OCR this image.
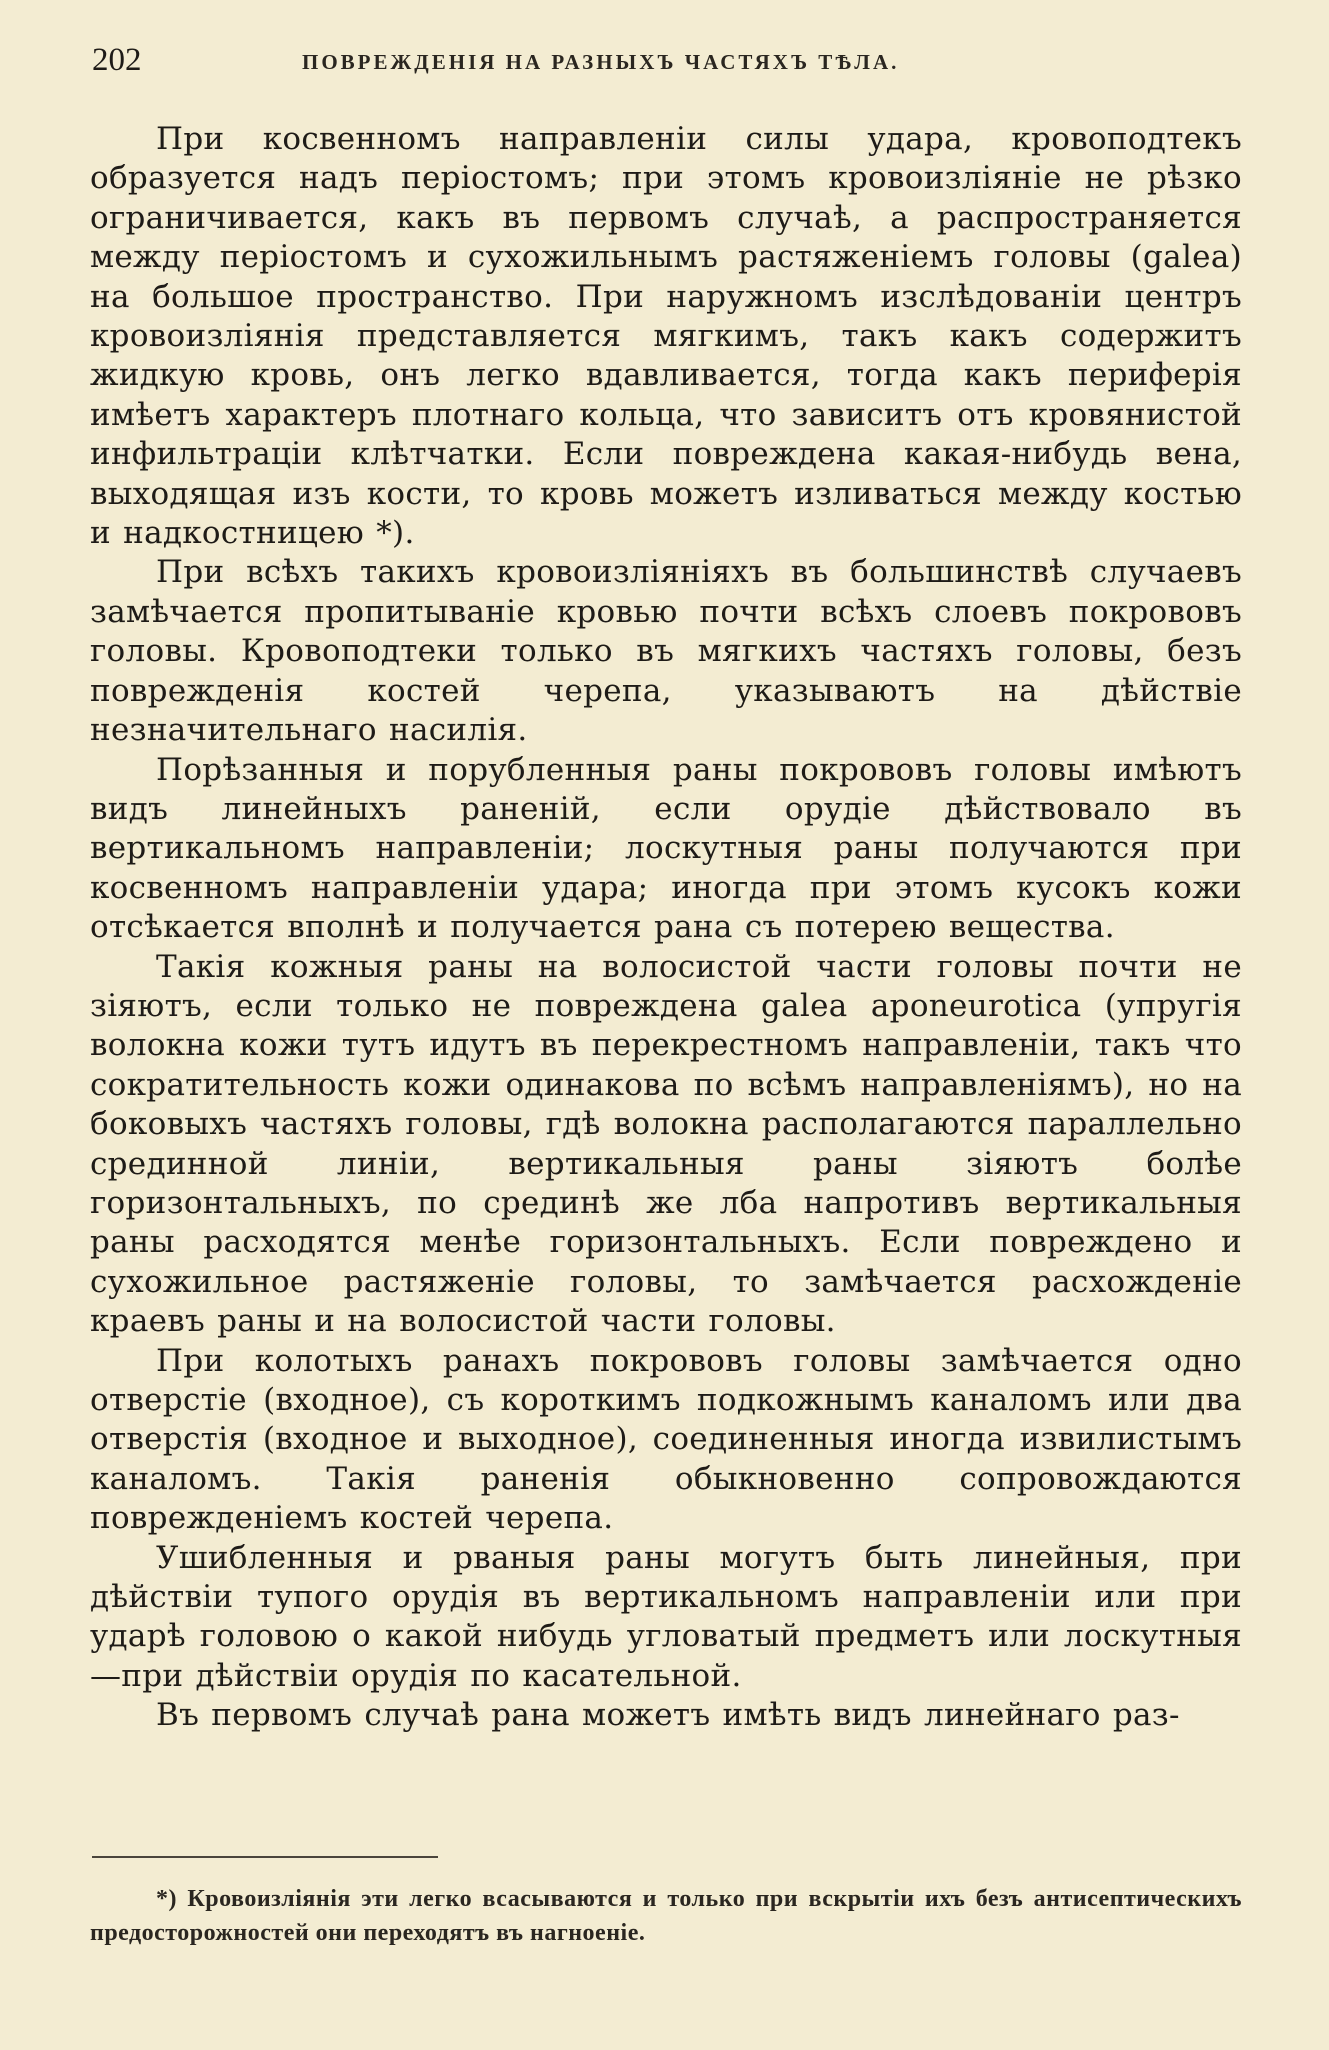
202	ПОВРЕЖДЕНІЯ НА РАЗНЫХЪ ЧАСТЯХЪ ТѢЛА.

При косвенномъ направленіи силы удара, кровоподтекъ образуется надъ періостомъ; при этомъ кровоизліяніе не рѣзко ограничивается, какъ въ первомъ случаѣ, а распространяется между періостомъ и сухожильнымъ растяженіемъ головы (galea) на большое пространство. При наружномъ изслѣдованіи центръ кровоизліянія представляется мягкимъ, такъ какъ содержитъ жидкую кровь, онъ легко вдавливается, тогда какъ периферія имѣетъ характеръ плотнаго кольца, что зависитъ отъ кровянистой инфильтраціи клѣтчатки. Если повреждена какая-нибудь вена, выходящая изъ кости, то кровь можетъ изливаться между костью и надкостницею *).

При всѣхъ такихъ кровоизліяніяхъ въ большинствѣ случаевъ замѣчается пропитываніе кровью почти всѣхъ слоевъ покрововъ головы. Кровоподтеки только въ мягкихъ частяхъ головы, безъ поврежденія костей черепа, указываютъ на дѣйствіе незначительнаго насилія.

Порѣзанныя и порубленныя раны покрововъ головы имѣютъ видъ линейныхъ раненій, если орудіе дѣйствовало въ вертикальномъ направленіи; лоскутныя раны получаются при косвенномъ направленіи удара; иногда при этомъ кусокъ кожи отсѣкается вполнѣ и получается рана съ потерею вещества.

Такія кожныя раны на волосистой части головы почти не зіяютъ, если только не повреждена galea aponeurotica (упругія волокна кожи тутъ идутъ въ перекрестномъ направленіи, такъ что сократительность кожи одинакова по всѣмъ направленіямъ), но на боковыхъ частяхъ головы, гдѣ волокна располагаются параллельно срединной линіи, вертикальныя раны зіяютъ болѣе горизонтальныхъ, по срединѣ же лба напротивъ вертикальныя раны расходятся менѣе горизонтальныхъ. Если повреждено и сухожильное растяженіе головы, то замѣчается расхожденіе краевъ раны и на волосистой части головы.

При колотыхъ ранахъ покрововъ головы замѣчается одно отверстіе (входное), съ короткимъ подкожнымъ каналомъ или два отверстія (входное и выходное), соединенныя иногда извилистымъ каналомъ. Такія раненія обыкновенно сопровождаются поврежденіемъ костей черепа.

Ушибленныя и рваныя раны могутъ быть линейныя, при дѣйствіи тупого орудія въ вертикальномъ направленіи или при ударѣ головою о какой нибудь угловатый предметъ или лоскутныя—при дѣйствіи орудія по касательной.

Въ первомъ случаѣ рана можетъ имѣть видъ линейнаго раз-

*) Кровоизліянія эти легко всасываются и только при вскрытіи ихъ безъ антисептическихъ предосторожностей они переходятъ въ нагноеніе.
